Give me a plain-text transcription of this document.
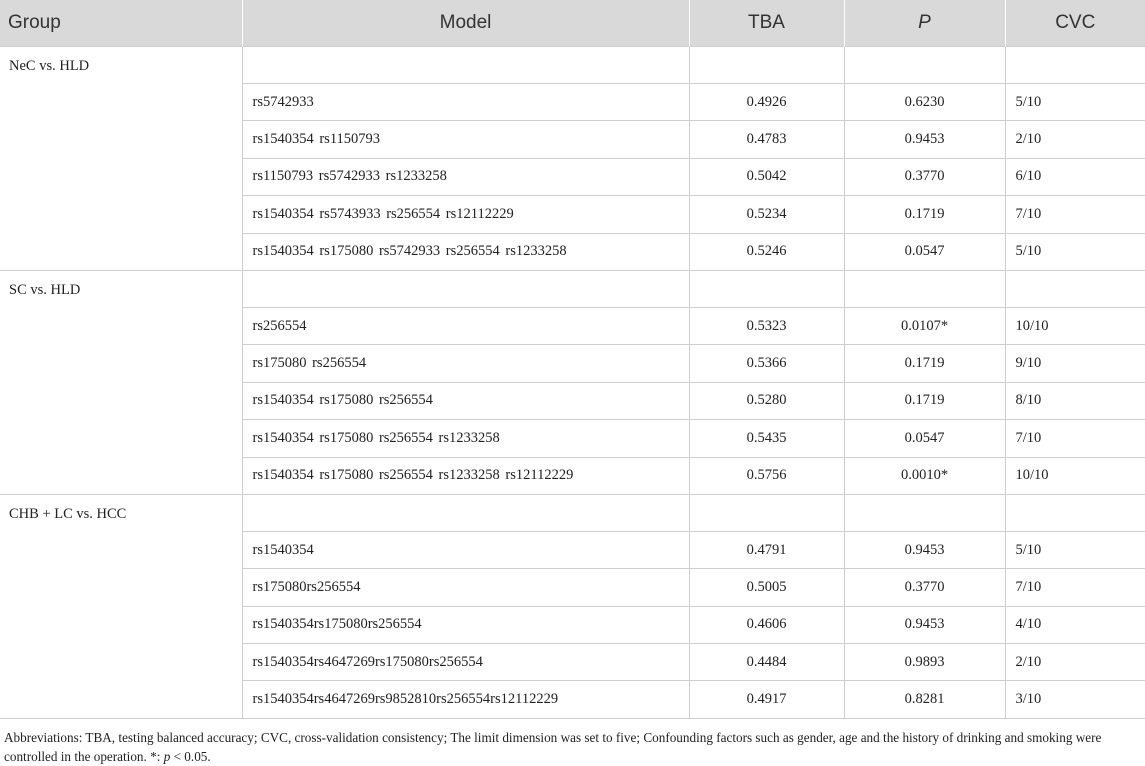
Group	Model	TBA	P	CVC
NeC vs. HLD				
	rs5742933	0.4926	0.6230	5/10
	rs1540354 rs1150793	0.4783	0.9453	2/10
	rs1150793 rs5742933 rs1233258	0.5042	0.3770	6/10
	rs1540354 rs5743933 rs256554 rs12112229	0.5234	0.1719	7/10
	rs1540354 rs175080 rs5742933 rs256554 rs1233258	0.5246	0.0547	5/10
SC vs. HLD				
	rs256554	0.5323	0.0107*	10/10
	rs175080 rs256554	0.5366	0.1719	9/10
	rs1540354 rs175080 rs256554	0.5280	0.1719	8/10
	rs1540354 rs175080 rs256554 rs1233258	0.5435	0.0547	7/10
	rs1540354 rs175080 rs256554 rs1233258 rs12112229	0.5756	0.0010*	10/10
CHB + LC vs. HCC				
	rs1540354	0.4791	0.9453	5/10
	rs175080rs256554	0.5005	0.3770	7/10
	rs1540354rs175080rs256554	0.4606	0.9453	4/10
	rs1540354rs4647269rs175080rs256554	0.4484	0.9893	2/10
	rs1540354rs4647269rs9852810rs256554rs12112229	0.4917	0.8281	3/10
Abbreviations: TBA, testing balanced accuracy; CVC, cross-validation consistency; The limit dimension was set to five; Confounding factors such as gender, age and the history of drinking and smoking were controlled in the operation. *: p < 0.05.
